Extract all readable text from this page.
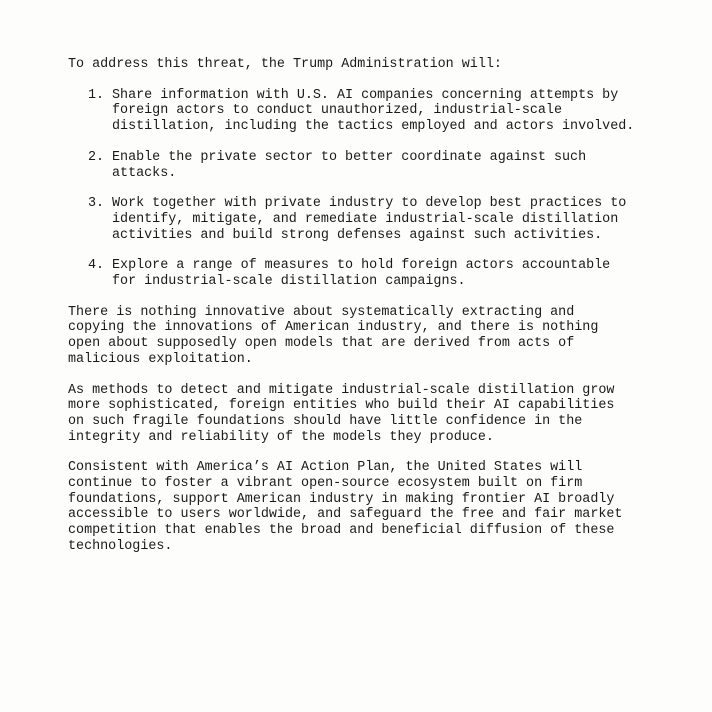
To address this threat, the Trump Administration will:

1. Share information with U.S. AI companies concerning attempts by
foreign actors to conduct unauthorized, industrial-scale
distillation, including the tactics employed and actors involved.
2. Enable the private sector to better coordinate against such
attacks.
3. Work together with private industry to develop best practices to
identify, mitigate, and remediate industrial-scale distillation
activities and build strong defenses against such activities.
4. Explore a range of measures to hold foreign actors accountable
for industrial-scale distillation campaigns.

There is nothing innovative about systematically extracting and
copying the innovations of American industry, and there is nothing
open about supposedly open models that are derived from acts of
malicious exploitation.

As methods to detect and mitigate industrial-scale distillation grow
more sophisticated, foreign entities who build their AI capabilities
on such fragile foundations should have little confidence in the
integrity and reliability of the models they produce.

Consistent with America’s AI Action Plan, the United States will
continue to foster a vibrant open-source ecosystem built on firm
foundations, support American industry in making frontier AI broadly
accessible to users worldwide, and safeguard the free and fair market
competition that enables the broad and beneficial diffusion of these
technologies.
